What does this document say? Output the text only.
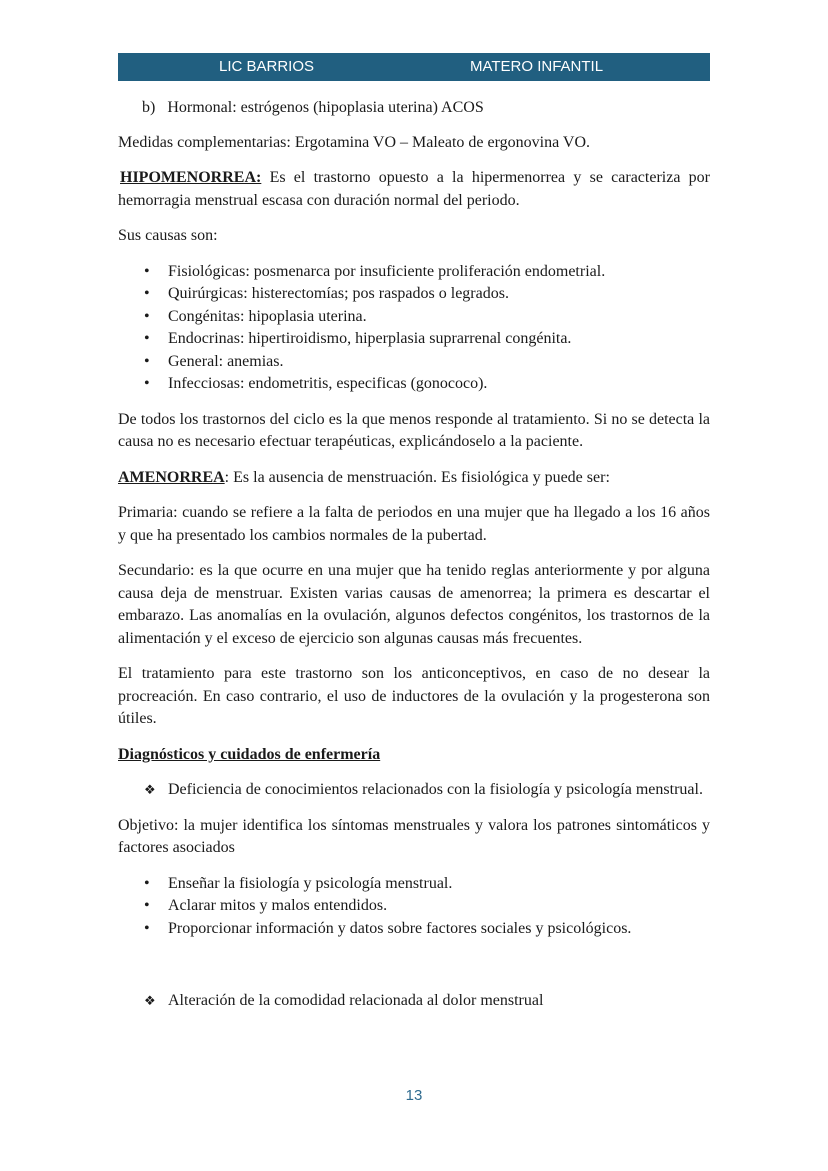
LIC BARRIOS	MATERO INFANTIL

b)   Hormonal: estrógenos (hipoplasia uterina) ACOS

Medidas complementarias: Ergotamina VO – Maleato de ergonovina VO.

HIPOMENORREA: Es el trastorno opuesto a la hipermenorrea y se caracteriza por hemorragia menstrual escasa con duración normal del periodo.

Sus causas son:

• Fisiológicas: posmenarca por insuficiente proliferación endometrial.
• Quirúrgicas: histerectomías; pos raspados o legrados.
• Congénitas: hipoplasia uterina.
• Endocrinas: hipertiroidismo, hiperplasia suprarrenal congénita.
• General: anemias.
• Infecciosas: endometritis, especificas (gonococo).

De todos los trastornos del ciclo es la que menos responde al tratamiento. Si no se detecta la causa no es necesario efectuar terapéuticas, explicándoselo a la paciente.

AMENORREA: Es la ausencia de menstruación. Es fisiológica y puede ser:

Primaria: cuando se refiere a la falta de periodos en una mujer que ha llegado a los 16 años y que ha presentado los cambios normales de la pubertad.

Secundario: es la que ocurre en una mujer que ha tenido reglas anteriormente y por alguna causa deja de menstruar. Existen varias causas de amenorrea; la primera es descartar el embarazo. Las anomalías en la ovulación, algunos defectos congénitos, los trastornos de la alimentación y el exceso de ejercicio son algunas causas más frecuentes.

El tratamiento para este trastorno son los anticonceptivos, en caso de no desear la procreación. En caso contrario, el uso de inductores de la ovulación y la progesterona son útiles.

Diagnósticos y cuidados de enfermería

❖ Deficiencia de conocimientos relacionados con la fisiología y psicología menstrual.

Objetivo: la mujer identifica los síntomas menstruales y valora los patrones sintomáticos y factores asociados

• Enseñar la fisiología y psicología menstrual.
• Aclarar mitos y malos entendidos.
• Proporcionar información y datos sobre factores sociales y psicológicos.
❖ Alteración de la comodidad relacionada al dolor menstrual
13
